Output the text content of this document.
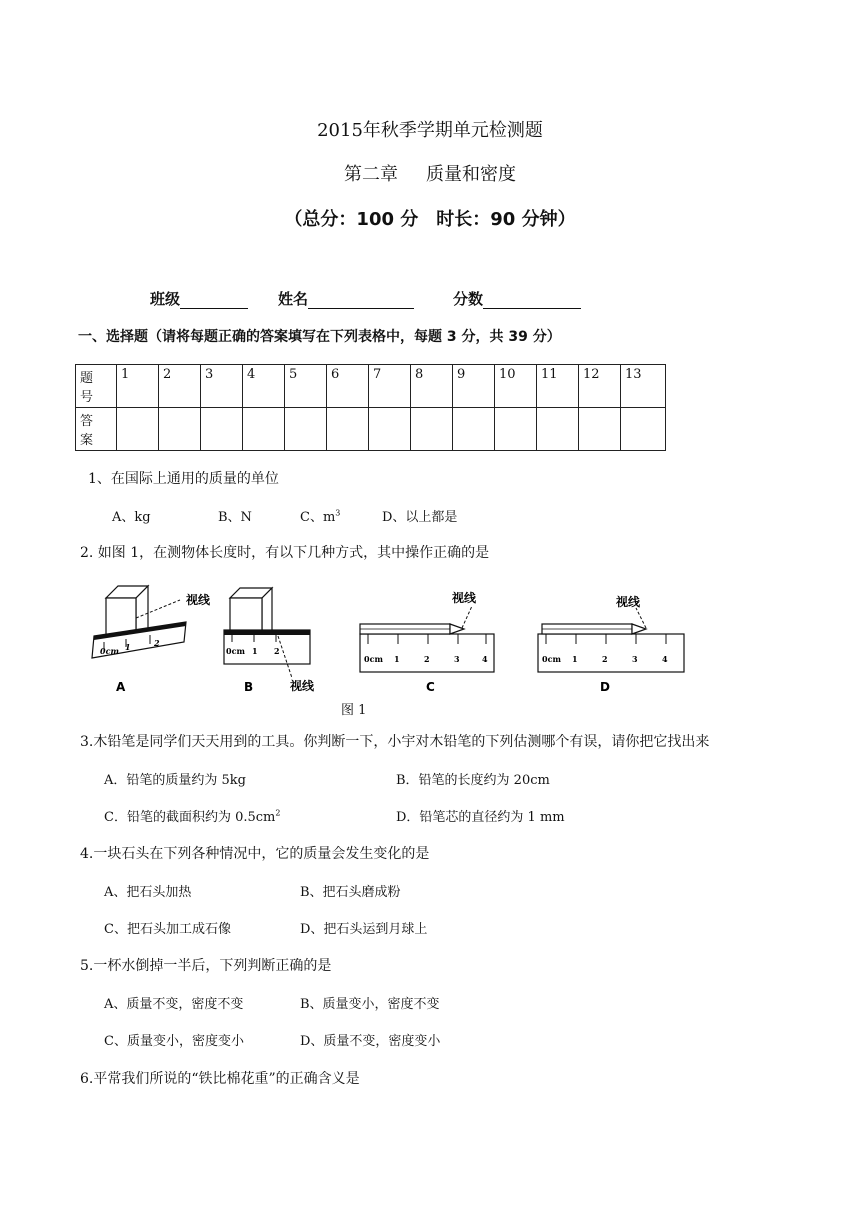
2015年秋季学期单元检测题
第二章 质量和密度
（总分：100 分　时长：90 分钟）
班级	姓名	分数
一、选择题（请将每题正确的答案填写在下列表格中，每题 3 分，共 39 分）
题
号	1	2	3	4	5	6	7	8	9	10	11	12	13
答
案													
1、在国际上通用的质量的单位
A、kg	B、N	C、$m^3$	D、以上都是
2. 如图 1，在测物体长度时，有以下几种方式，其中操作正确的是
0cm 1	2
视线
A
0cm 1 2
视线
B
0cm 1	2	3	4
视线
C
0cm 1	2	3	4
视线
D
图 1
3.木铅笔是同学们天天用到的工具。你判断一下，小宇对木铅笔的下列估测哪个有误，请你把它找出来
A．铅笔的质量约为 5kg	B．铅笔的长度约为 20cm
C．铅笔的截面积约为 $0.5cm^2$	D．铅笔芯的直径约为 1 mm
4.一块石头在下列各种情况中，它的质量会发生变化的是
A、把石头加热	B、把石头磨成粉
C、把石头加工成石像	D、把石头运到月球上
5.一杯水倒掉一半后，下列判断正确的是
A、质量不变，密度不变	B、质量变小，密度不变
C、质量变小，密度变小	D、质量不变，密度变小
6.平常我们所说的“铁比棉花重”的正确含义是
